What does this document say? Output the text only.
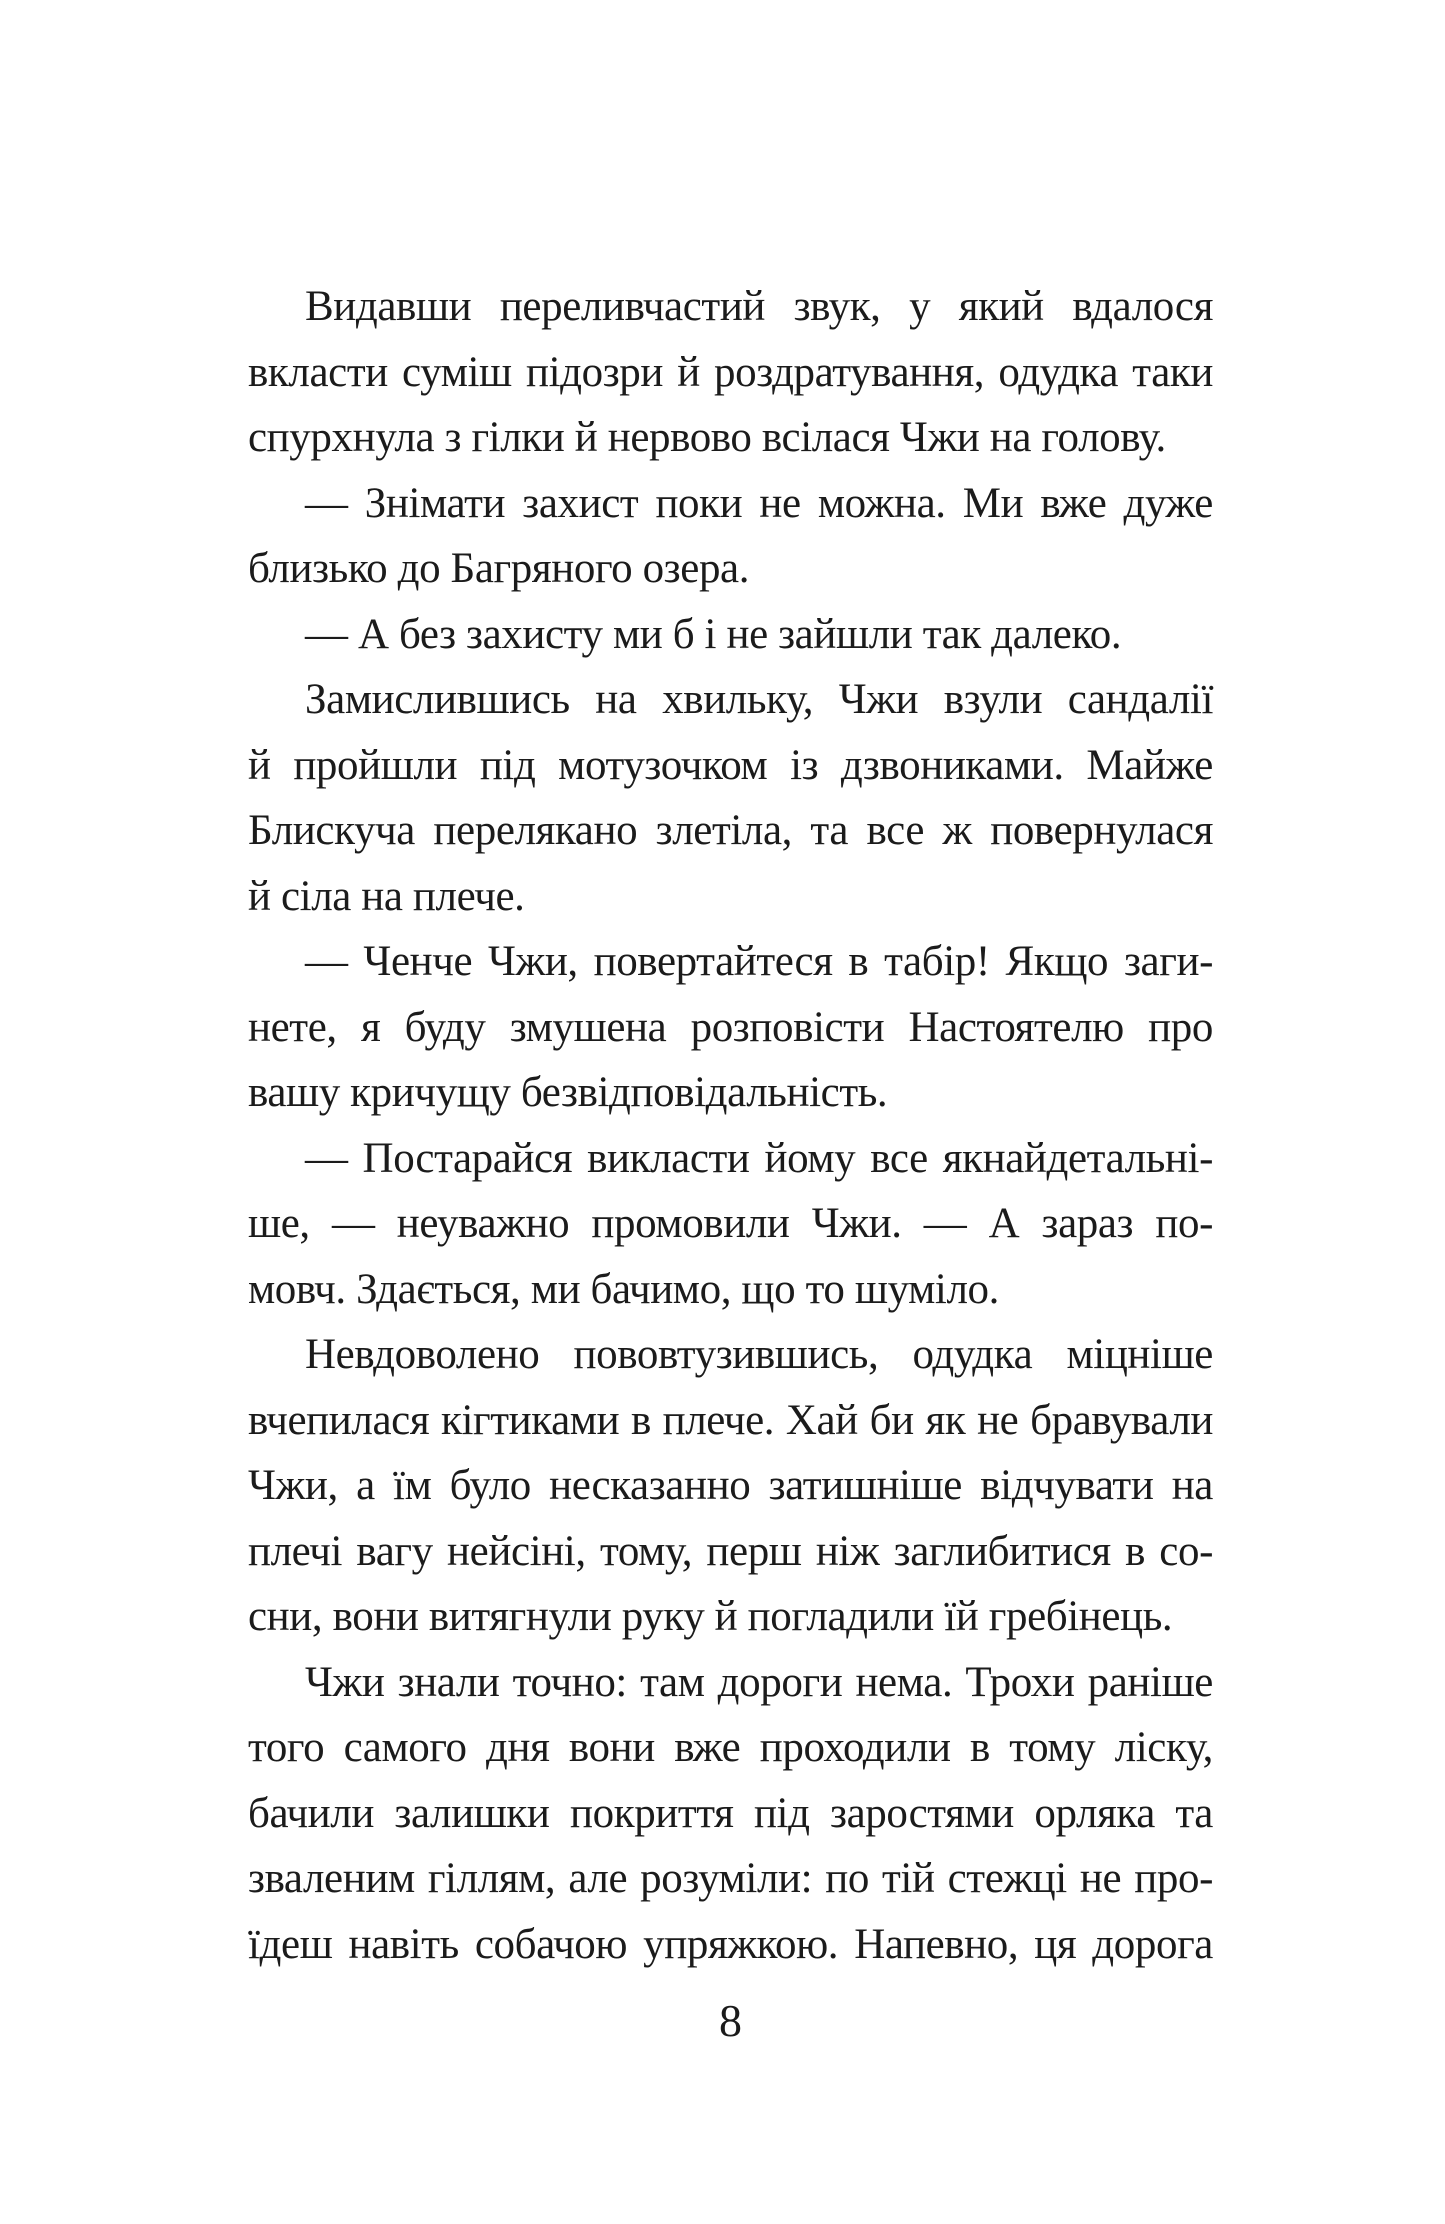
Видавши переливчастий звук, у який вдалося
вкласти суміш підозри й роздратування, одудка таки
спурхнула з гілки й нервово всілася Чжи на голову.
— Знімати захист поки не можна. Ми вже дуже
близько до Багряного озера.
— А без захисту ми б і не зайшли так далеко.
Замислившись на хвильку, Чжи взули сандалії
й пройшли під мотузочком із дзвониками. Майже
Блискуча перелякано злетіла, та все ж повернулася
й сіла на плече.
— Ченче Чжи, повертайтеся в табір! Якщо заги-
нете, я буду змушена розповісти Настоятелю про
вашу кричущу безвідповідальність.
— Постарайся викласти йому все якнайдетальні-
ше, — неуважно промовили Чжи. — А зараз по-
мовч. Здається, ми бачимо, що то шуміло.
Невдоволено пововтузившись, одудка міцніше
вчепилася кігтиками в плече. Хай би як не бравували
Чжи, а їм було несказанно затишніше відчувати на
плечі вагу нейсіні, тому, перш ніж заглибитися в со-
сни, вони витягнули руку й погладили їй гребінець.
Чжи знали точно: там дороги нема. Трохи раніше
того самого дня вони вже проходили в тому ліску,
бачили залишки покриття під заростями орляка та
зваленим гіллям, але розуміли: по тій стежці не про-
їдеш навіть собачою упряжкою. Напевно, ця дорога
8
